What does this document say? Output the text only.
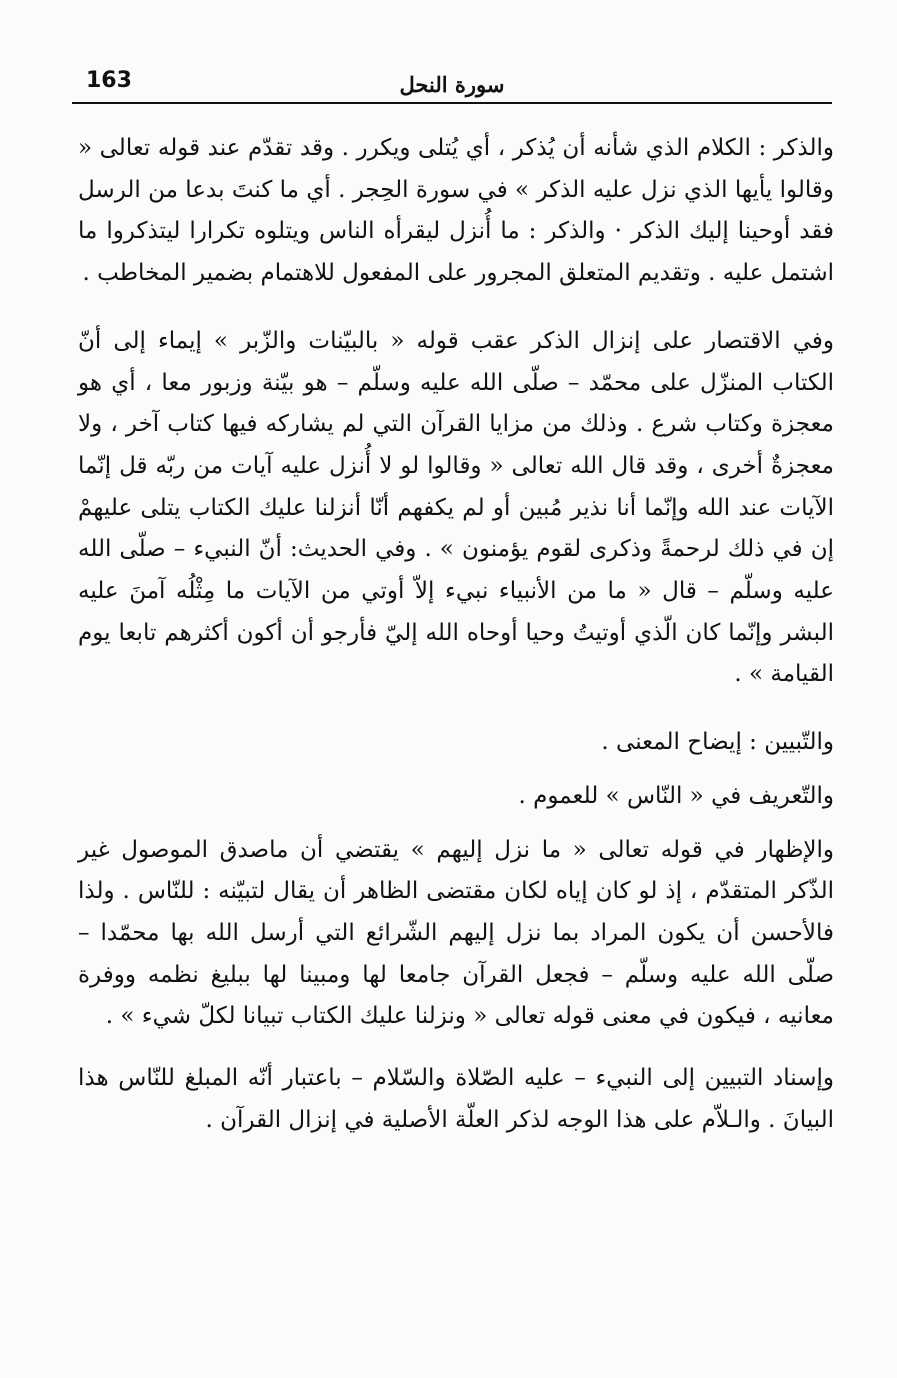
163	سورة النحل

والذكر : الكلام الذي شأنه أن يُذكر ، أي يُتلى ويكرر . وقد تقدّم عند قوله تعالى « وقالوا يأيها الذي نزل عليه الذكر » في سورة الحِجر . أي ما كنتَ بدعا من الرسل فقد أوحينا إليك الذكر · والذكر : ما أُنزل ليقرأه الناس ويتلوه تكرارا ليتذكروا ما اشتمل عليه . وتقديم المتعلق المجرور على المفعول للاهتمام بضمير المخاطب .

وفي الاقتصار على إنزال الذكر عقب قوله « بالبيّنات والزّبر » إيماء إلى أنّ الكتاب المنزّل على محمّد – صلّى الله عليه وسلّم – هو بيّنة وزبور معا ، أي هو معجزة وكتاب شرع . وذلك من مزايا القرآن التي لم يشاركه فيها كتاب آخر ، ولا معجزةٌ أخرى ، وقد قال الله تعالى « وقالوا لو لا أُنزل عليه آيات من ربّه قل إنّما الآيات عند الله وإنّما أنا نذير مُبين أو لم يكفهم أنّا أنزلنا عليك الكتاب يتلى عليهمْ إن في ذلك لرحمةً وذكرى لقوم يؤمنون » . وفي الحديث: أنّ النبيء – صلّى الله عليه وسلّم – قال « ما من الأنبياء نبيء إلاّ أوتي من الآيات ما مِثْلُه آمنَ عليه البشر وإنّما كان الّذي أوتيتُ وحيا أوحاه الله إليّ فأرجو أن أكون أكثرهم تابعا يوم القيامة » .

والتّبيين : إيضاح المعنى .

والتّعريف في « النّاس » للعموم .

والإظهار في قوله تعالى « ما نزل إليهم » يقتضي أن ماصدق الموصول غير الذّكر المتقدّم ، إذ لو كان إياه لكان مقتضى الظاهر أن يقال لتبيّنه : للنّاس . ولذا فالأحسن أن يكون المراد بما نزل إليهم الشّرائع التي أرسل الله بها محمّدا – صلّى الله عليه وسلّم – فجعل القرآن جامعا لها ومبينا لها ببليغ نظمه ووفرة معانيه ، فيكون في معنى قوله تعالى « ونزلنا عليك الكتاب تبيانا لكلّ شيء » .

وإسناد التبيين إلى النبيء – عليه الصّلاة والسّلام – باعتبار أنّه المبلغ للنّاس هذا البيانَ . والـلاّم على هذا الوجه لذكر العلّة الأصلية في إنزال القرآن .
